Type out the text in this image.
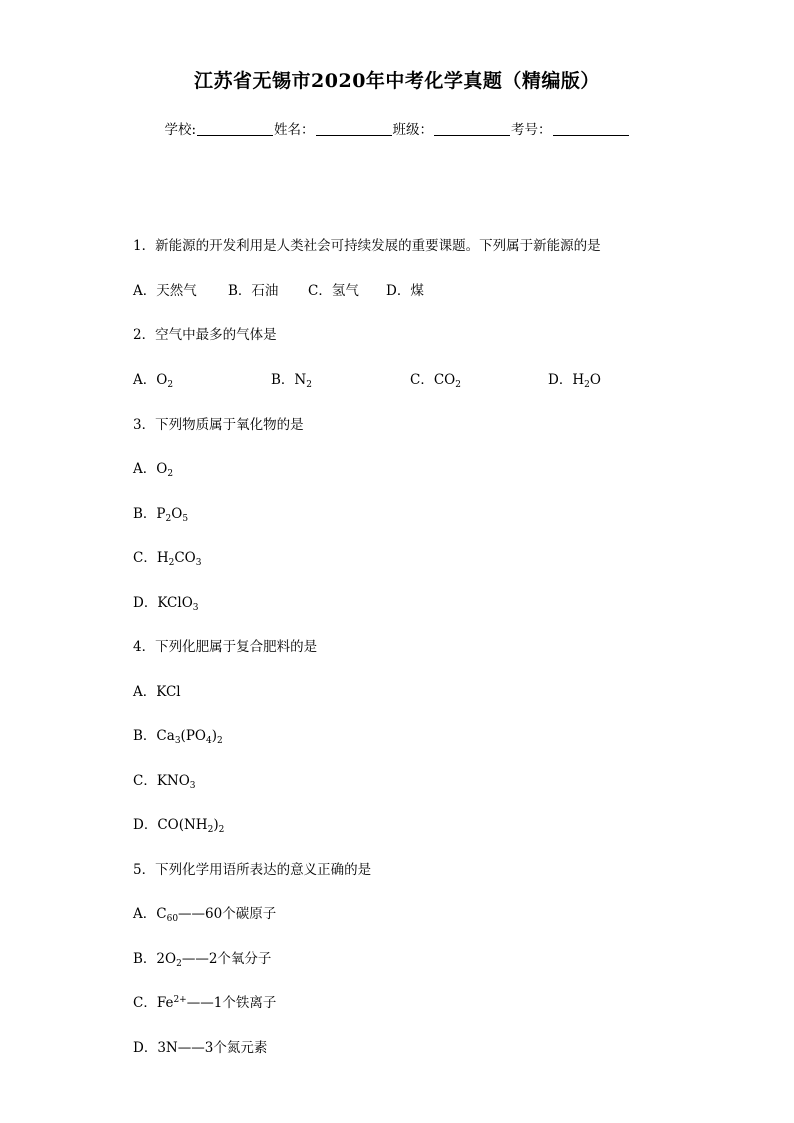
江苏省无锡市2020年中考化学真题（精编版）
学校:	姓名：	班级：	考号：
1．新能源的开发利用是人类社会可持续发展的重要课题。下列属于新能源的是
A．天然气 B．石油 C．氢气 D．煤
2．空气中最多的气体是
A．$O_2$	B．$N_2$	C．$CO_2$	D．$H_2O$
3．下列物质属于氧化物的是
A．$O_2$
B．$P_2O_5$
C．$H_2CO_3$
D．KClO$_3$
4．下列化肥属于复合肥料的是
A．KCl
B．$Ca_3(PO_4)_2$
C．$KNO_3$
D．$CO(NH_2)_2$
5．下列化学用语所表达的意义正确的是
A．$C_{60}——60$个碳原子
B．$2O_2——2$个氧分子
C．$Fe^{2+}——1$个铁离子
D．3N——3个氮元素
